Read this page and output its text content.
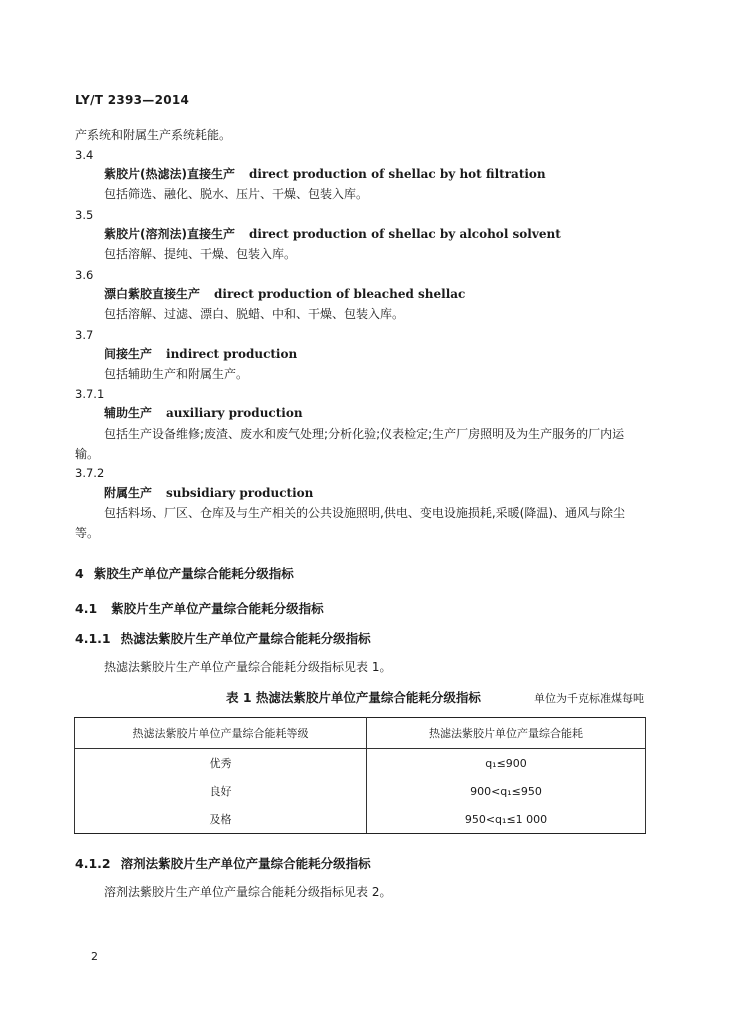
LY/T 2393—2014
产系统和附属生产系统耗能。
3.4
紫胶片(热滤法)直接生产 direct production of shellac by hot filtration
包括筛选、融化、脱水、压片、干燥、包装入库。
3.5
紫胶片(溶剂法)直接生产 direct production of shellac by alcohol solvent
包括溶解、提纯、干燥、包装入库。
3.6
漂白紫胶直接生产 direct production of bleached shellac
包括溶解、过滤、漂白、脱蜡、中和、干燥、包装入库。
3.7
间接生产 indirect production
包括辅助生产和附属生产。
3.7.1
辅助生产 auxiliary production
包括生产设备维修;废渣、废水和废气处理;分析化验;仪表检定;生产厂房照明及为生产服务的厂内运输。
3.7.2
附属生产 subsidiary production
包括料场、厂区、仓库及与生产相关的公共设施照明,供电、变电设施损耗,采暖(降温)、通风与除尘等。
4 紫胶生产单位产量综合能耗分级指标
4.1 紫胶片生产单位产量综合能耗分级指标
4.1.1 热滤法紫胶片生产单位产量综合能耗分级指标
热滤法紫胶片生产单位产量综合能耗分级指标见表 1。
表 1 热滤法紫胶片单位产量综合能耗分级指标	单位为千克标准煤每吨
热滤法紫胶片单位产量综合能耗等级	热滤法紫胶片单位产量综合能耗
优秀	q₁≤900
良好	900<q₁≤950
及格	950<q₁≤1 000
4.1.2 溶剂法紫胶片生产单位产量综合能耗分级指标
溶剂法紫胶片生产单位产量综合能耗分级指标见表 2。
2
